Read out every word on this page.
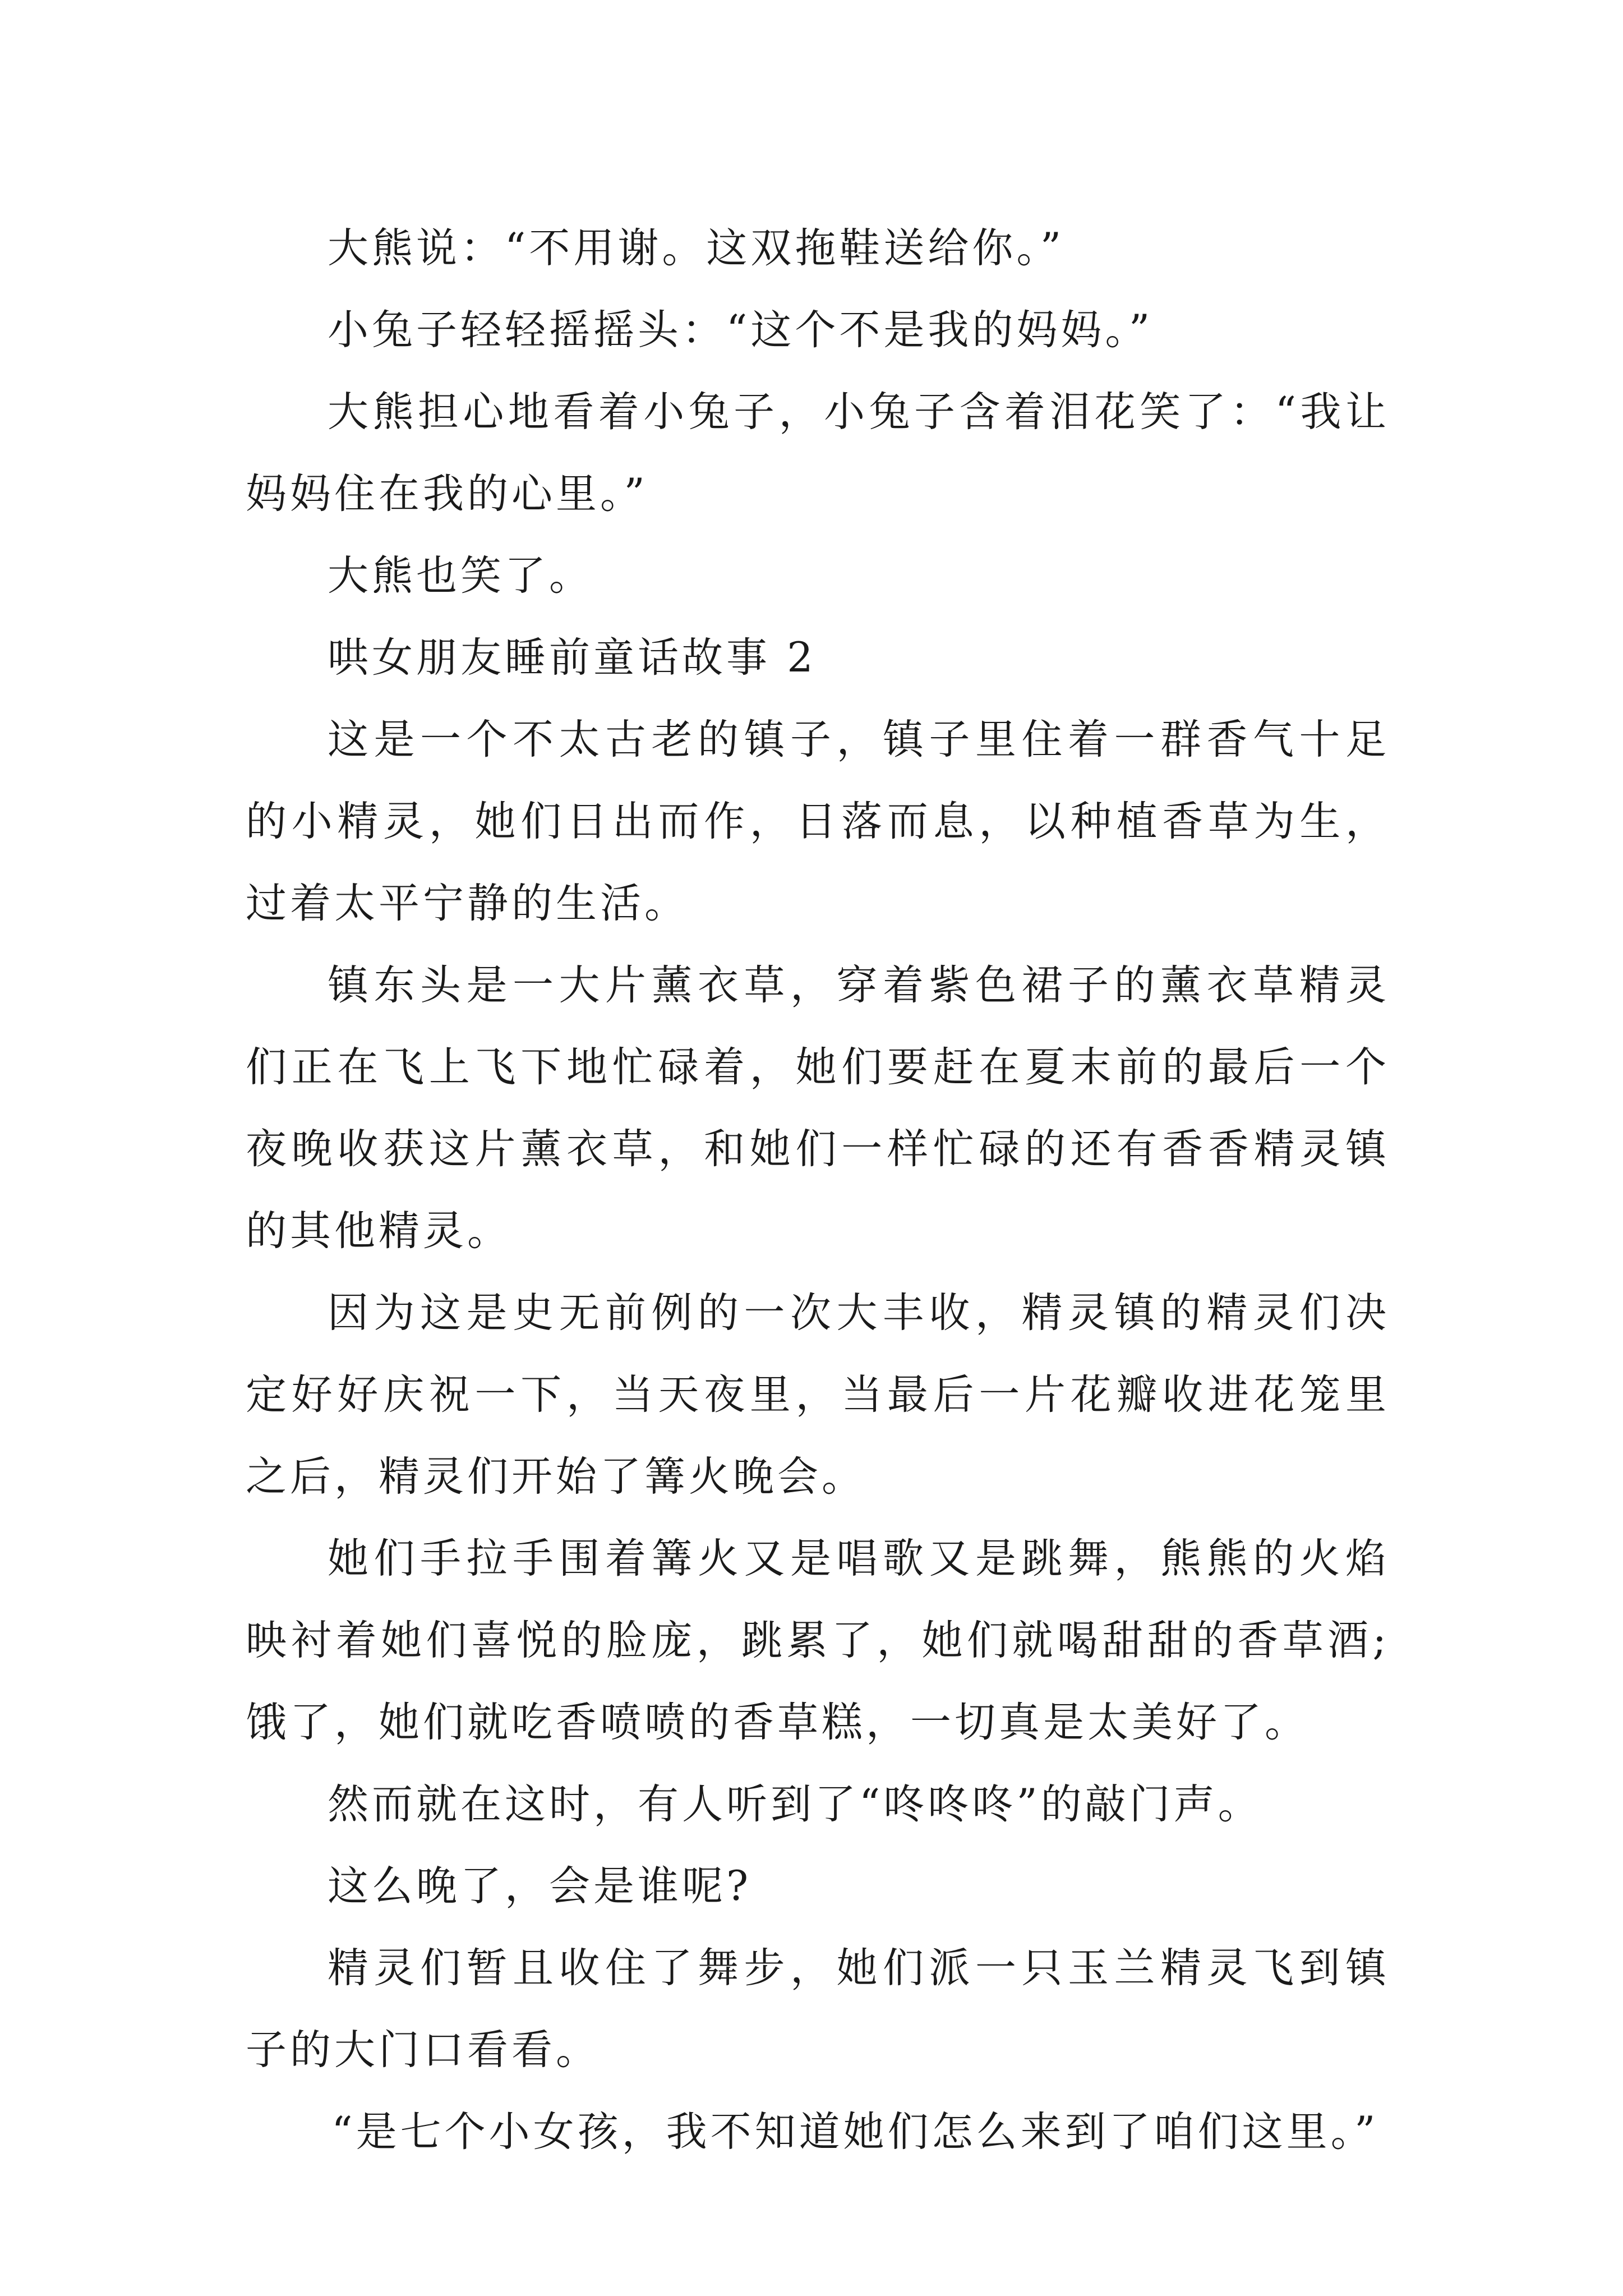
大熊说：“不用谢。这双拖鞋送给你。”

小兔子轻轻摇摇头：“这个不是我的妈妈。”

大熊担心地看着小兔子，小兔子含着泪花笑了：“我让妈妈住在我的心里。”

大熊也笑了。

哄女朋友睡前童话故事 2

这是一个不太古老的镇子，镇子里住着一群香气十足的小精灵，她们日出而作，日落而息，以种植香草为生，过着太平宁静的生活。

镇东头是一大片薰衣草，穿着紫色裙子的薰衣草精灵们正在飞上飞下地忙碌着，她们要赶在夏末前的最后一个夜晚收获这片薰衣草，和她们一样忙碌的还有香香精灵镇的其他精灵。

因为这是史无前例的一次大丰收，精灵镇的精灵们决定好好庆祝一下，当天夜里，当最后一片花瓣收进花笼里之后，精灵们开始了篝火晚会。

她们手拉手围着篝火又是唱歌又是跳舞，熊熊的火焰映衬着她们喜悦的脸庞，跳累了，她们就喝甜甜的香草酒;饿了，她们就吃香喷喷的香草糕，一切真是太美好了。

然而就在这时，有人听到了“咚咚咚”的敲门声。

这么晚了，会是谁呢?

精灵们暂且收住了舞步，她们派一只玉兰精灵飞到镇子的大门口看看。

“是七个小女孩，我不知道她们怎么来到了咱们这里。”
